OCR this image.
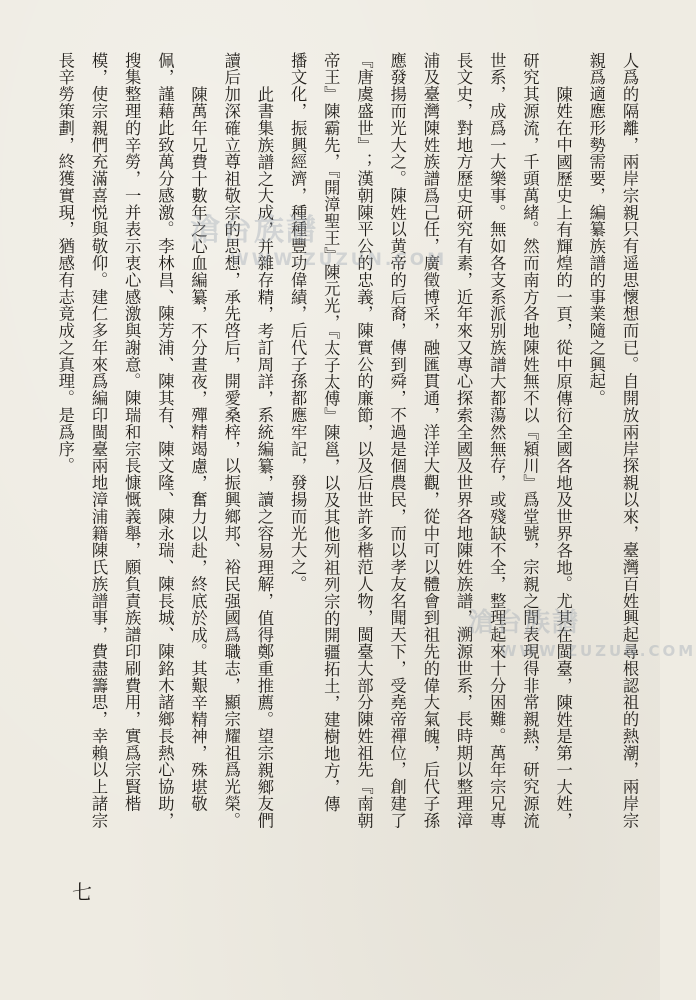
人爲的隔離，兩岸宗親只有遥思懷想而已。自開放兩岸探親以來，臺灣百姓興起尋根認祖的熱潮，兩岸宗
親爲適應形勢需要，編纂族譜的事業隨之興起。
陳姓在中國歷史上有輝煌的一頁，從中原傳衍全國各地及世界各地。尤其在閩臺，陳姓是第一大姓，
研究其源流，千頭萬緒。然而南方各地陳姓無不以『潁川』爲堂號，宗親之間表現得非常親熱，研究源流
世系，成爲一大樂事。無如各支系派别族譜大都蕩然無存，或殘缺不全，整理起來十分困難。萬年宗兄專
長文史，對地方歷史研究有素，近年來又專心探索全國及世界各地陳姓族譜，溯源世系，長時期以整理漳
浦及臺灣陳姓族譜爲己任，廣徵博采，融匯貫通，洋洋大觀，從中可以體會到祖先的偉大氣魄，后代子孫
應發揚而光大之。陳姓以黄帝的后裔，傳到舜，不過是個農民，而以孝友名聞天下，受堯帝禪位，創建了
『唐虞盛世』；漢朝陳平公的忠義，陳實公的廉節，以及后世許多楷范人物，閩臺大部分陳姓祖先『南朝
帝王』陳霸先，『開漳聖王』陳元光，『太子太傅』陳邕，以及其他列祖列宗的開疆拓土，建樹地方，傳
播文化，振興經濟，種種豐功偉績，后代子孫都應牢記，發揚而光大之。
此書集族譜之大成，并雜存精，考訂周詳，系統編纂，讀之容易理解，值得鄭重推薦。望宗親鄉友們
讀后加深確立尊祖敬宗的思想，承先啓后，開愛桑梓，以振興鄉邦、裕民强國爲職志，顯宗耀祖爲光榮。
陳萬年兄費十數年之心血編纂，不分晝夜，殫精竭慮，奮力以赴，終底於成。其艱辛精神，殊堪敬
佩，謹藉此致萬分感激。李林昌、陳芳浦、陳其有、陳文隆、陳永瑞、陳長城、陳銘木諸鄉長熱心協助，
搜集整理的辛勞，一并表示衷心感激與謝意。陳瑞和宗長慷慨義舉，願負責族譜印刷費用，實爲宗賢楷
模，使宗親們充滿喜悦與敬仰。建仁多年來爲編印閩臺兩地漳浦籍陳氏族譜事，費盡籌思，幸賴以上諸宗
長辛勞策劃，終獲實現，猶感有志竟成之真理。是爲序。	滄台族譜
WWW.ZUZUN.COM
滄台族譜
WWW.ZUZUN.COM
七
